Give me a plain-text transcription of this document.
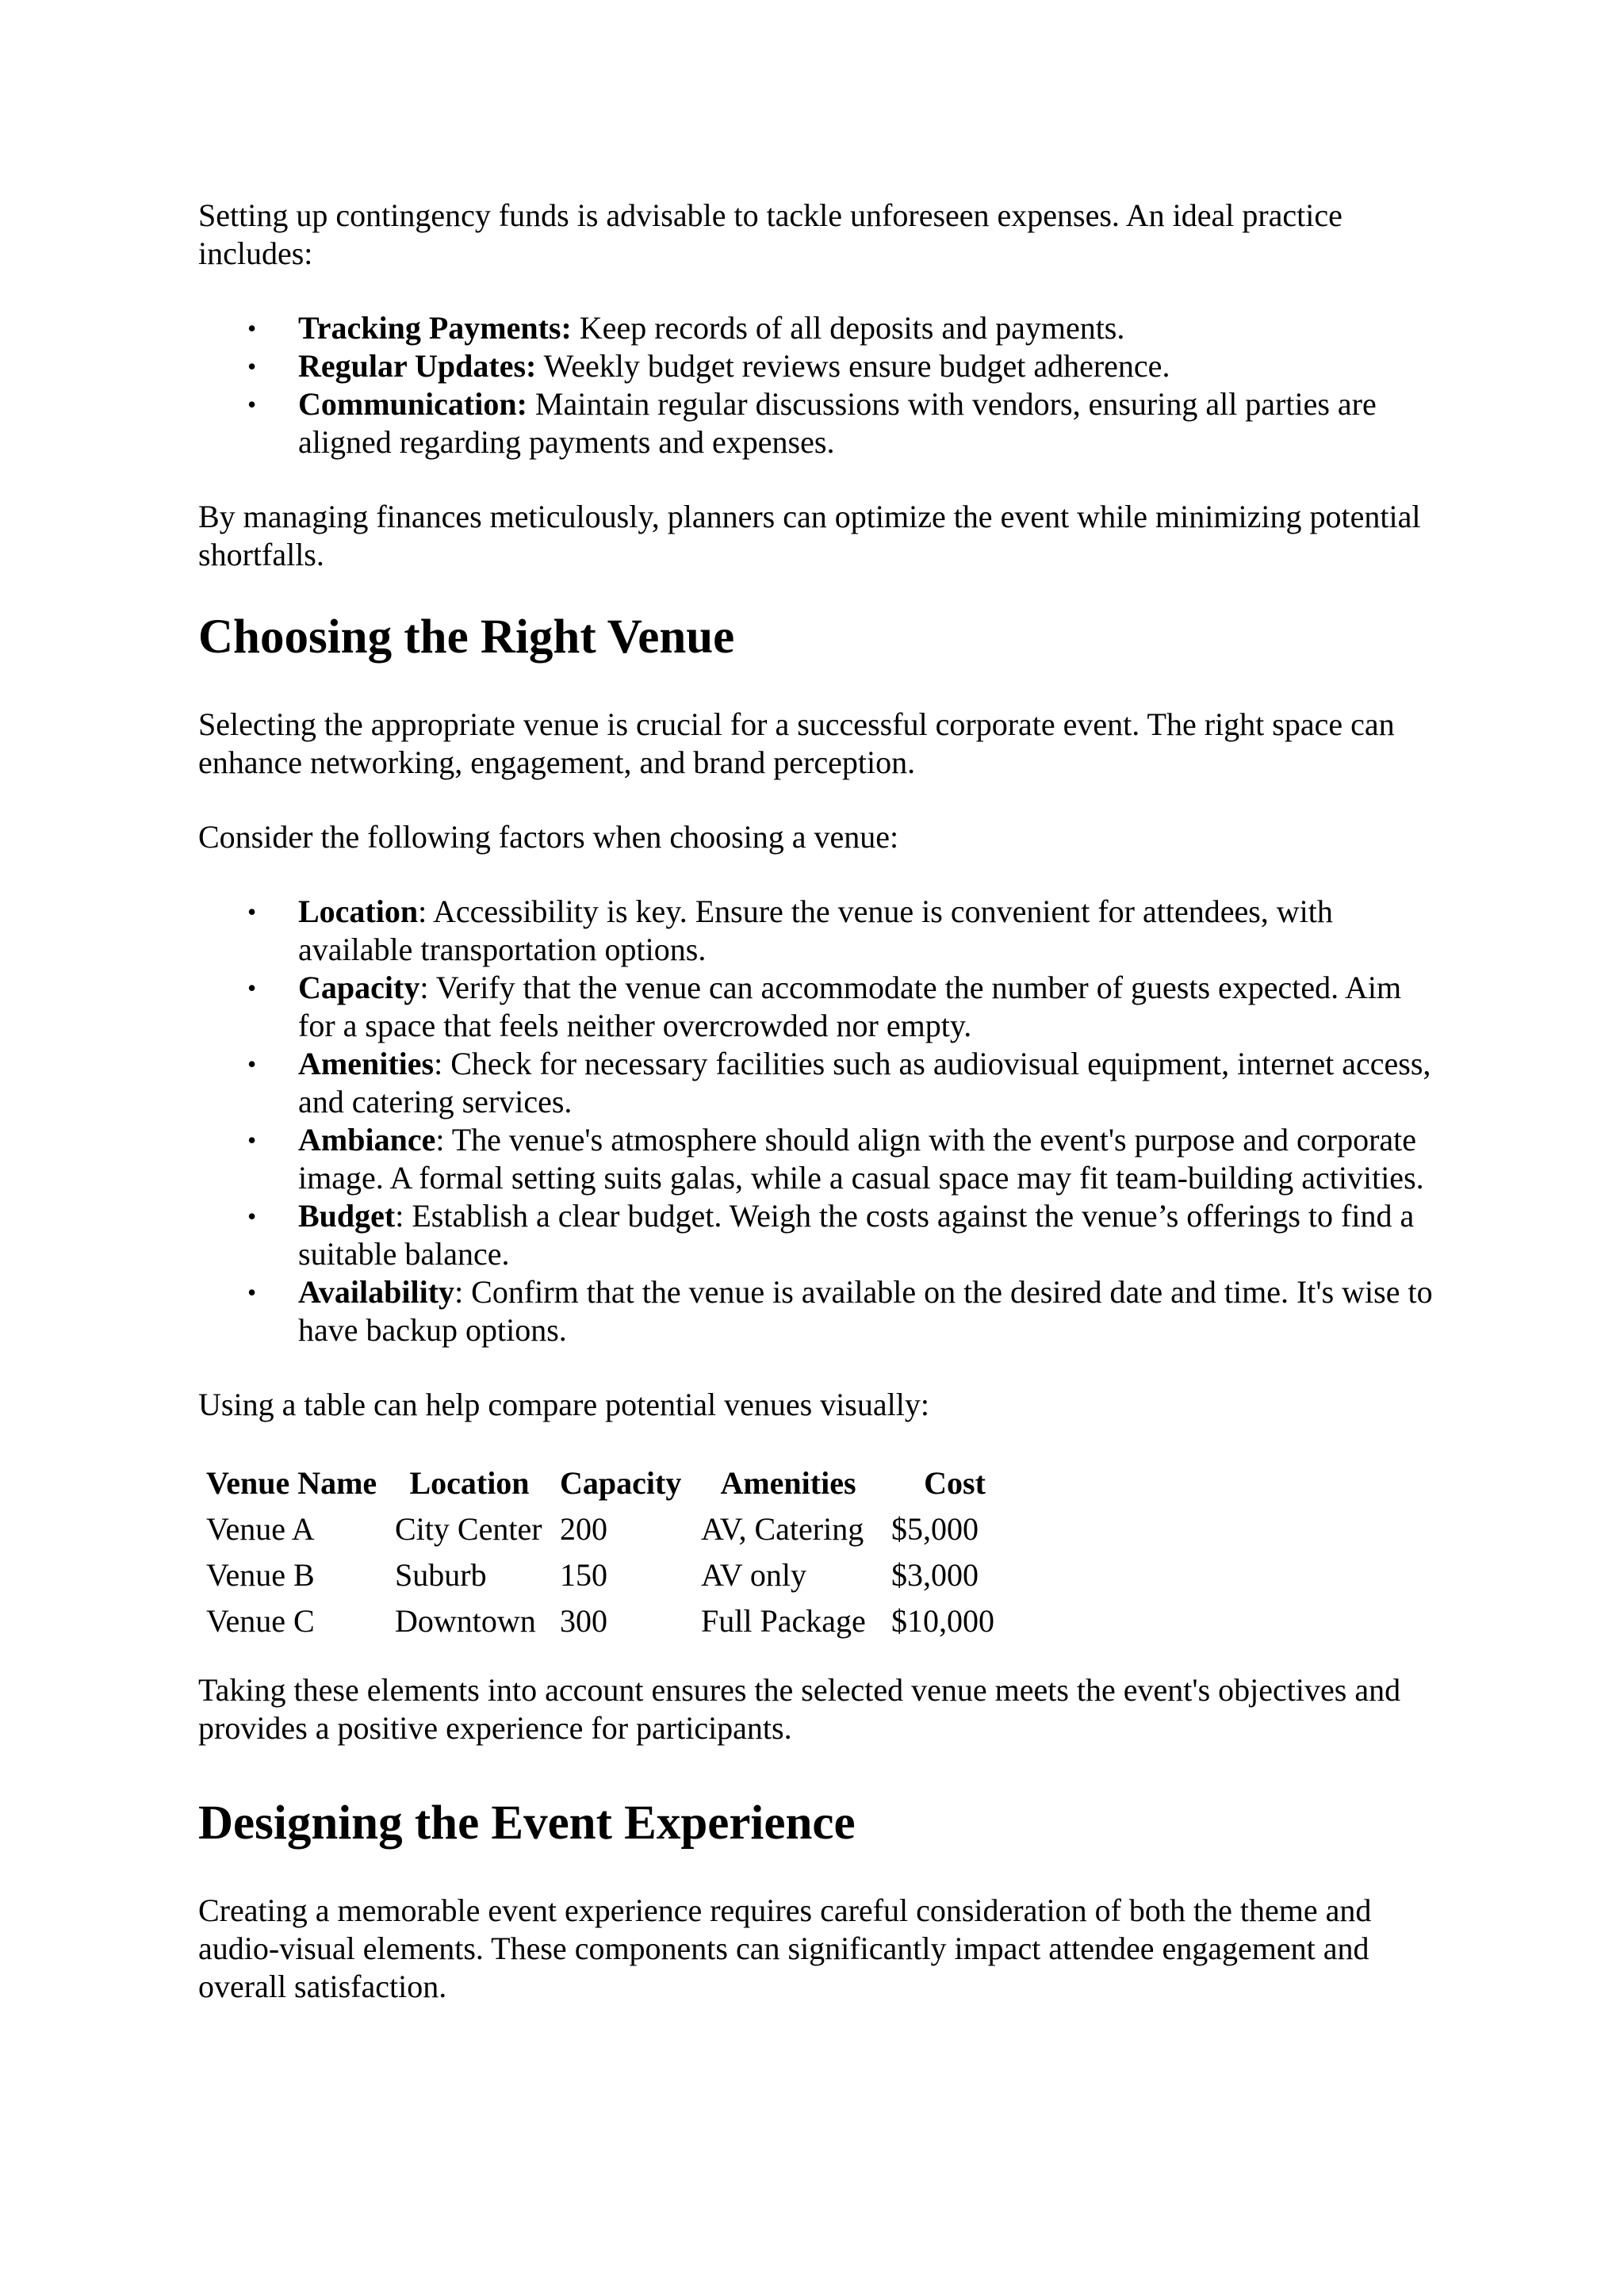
Setting up contingency funds is advisable to tackle unforeseen expenses. An ideal practice includes:

• Tracking Payments: Keep records of all deposits and payments.
• Regular Updates: Weekly budget reviews ensure budget adherence.
• Communication: Maintain regular discussions with vendors, ensuring all parties are aligned regarding payments and expenses.

By managing finances meticulously, planners can optimize the event while minimizing potential shortfalls.

Choosing the Right Venue

Selecting the appropriate venue is crucial for a successful corporate event. The right space can enhance networking, engagement, and brand perception.

Consider the following factors when choosing a venue:

• Location: Accessibility is key. Ensure the venue is convenient for attendees, with available transportation options.
• Capacity: Verify that the venue can accommodate the number of guests expected. Aim for a space that feels neither overcrowded nor empty.
• Amenities: Check for necessary facilities such as audiovisual equipment, internet access, and catering services.
• Ambiance: The venue's atmosphere should align with the event's purpose and corporate image. A formal setting suits galas, while a casual space may fit team-building activities.
• Budget: Establish a clear budget. Weigh the costs against the venue’s offerings to find a suitable balance.
• Availability: Confirm that the venue is available on the desired date and time. It's wise to have backup options.

Using a table can help compare potential venues visually:

Venue Name	Location	Capacity	Amenities	Cost
Venue A	City Center	200	AV, Catering	$5,000
Venue B	Suburb	150	AV only	$3,000
Venue C	Downtown	300	Full Package	$10,000

Taking these elements into account ensures the selected venue meets the event's objectives and provides a positive experience for participants.

Designing the Event Experience

Creating a memorable event experience requires careful consideration of both the theme and audio-visual elements. These components can significantly impact attendee engagement and overall satisfaction.
